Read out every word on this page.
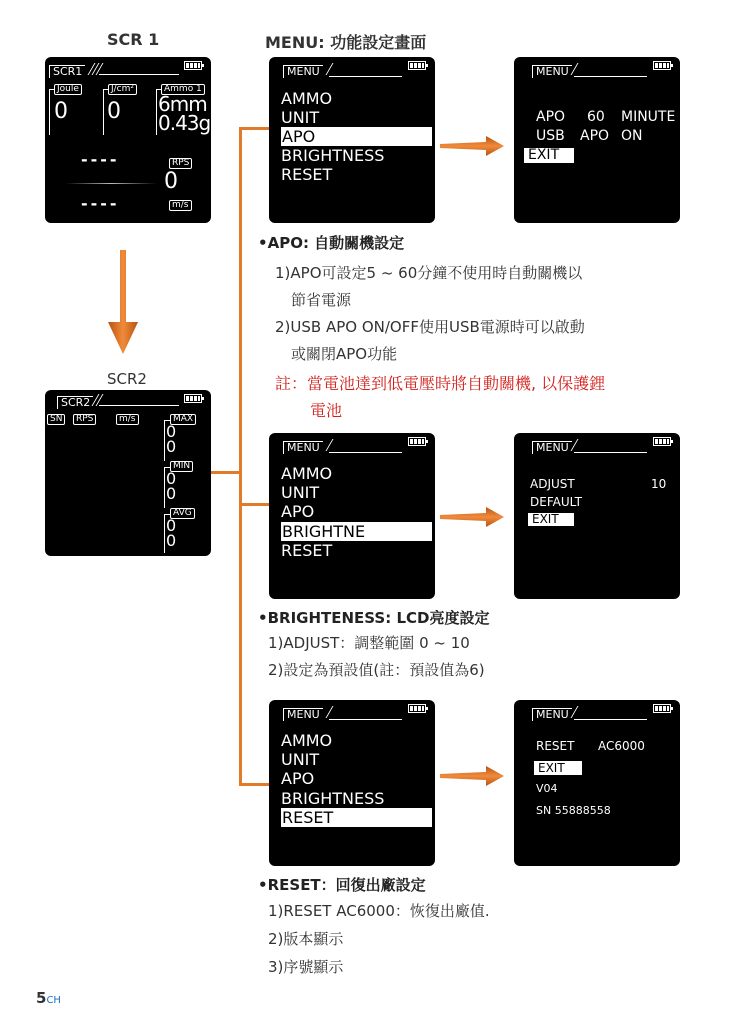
SCR 1	MENU: 功能設定畫面
SCR2
SCR1
Joule	J/cm²	Ammo 1
0 0 6mm
0.43g
----	RPS
0
----	m/s
SCR2
SN	RPS	m/s	MAX
0
0
MIN
0
0
AVG
0
0
MENU
AMMO
UNIT
APO
BRIGHTNESS
RESET
MENU
APO 60 MINUTE
USB APO ON
EXIT
•APO: 自動關機設定
1)APO可設定5 ~ 60分鐘不使用時自動關機以
節省電源
2)USB APO ON/OFF使用USB電源時可以啟動
或關閉APO功能
註：當電池達到低電壓時將自動關機, 以保護鋰
電池
MENU
AMMO
UNIT
APO
BRIGHTNE
RESET
MENU
ADJUST	10
DEFAULT
EXIT
•BRIGHTENESS: LCD亮度設定
1)ADJUST：調整範圍 0 ~ 10
2)設定為預設值(註：預設值為6)
MENU
AMMO
UNIT
APO
BRIGHTNESS
RESET
MENU
RESET AC6000
EXIT
V04
SN 55888558
•RESET：回復出廠設定
1)RESET AC6000：恢復出廠值.
2)版本顯示
3)序號顯示
5CH
